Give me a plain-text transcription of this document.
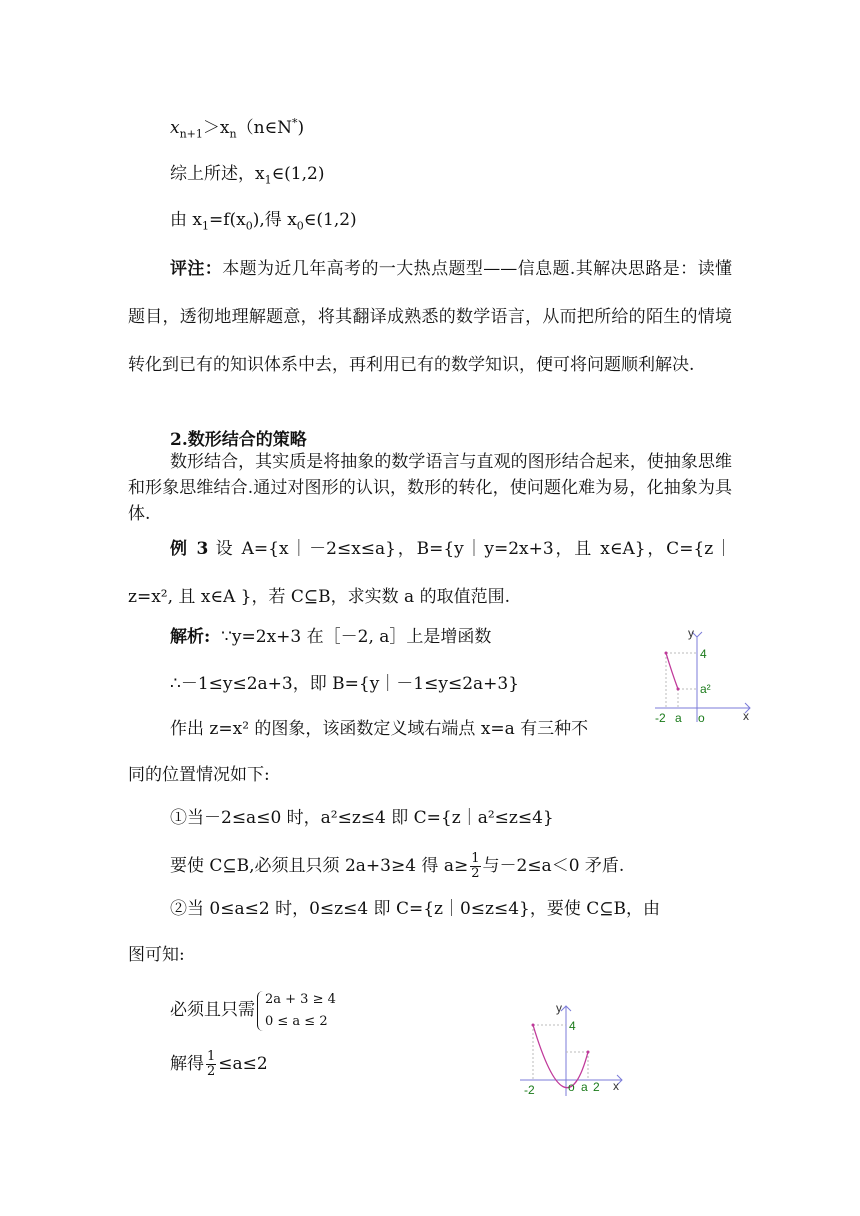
$x_{n+1}>x_n(n\in N^*)$
综上所述，$x_1\in(1,2)$
由 $x_1=f(x_0)$,得 $x_0\in(1,2)$
评注：本题为近几年高考的一大热点题型——信息题.其解决思路是：读懂题目，透彻地理解题意，将其翻译成熟悉的数学语言，从而把所给的陌生的情境转化到已有的知识体系中去，再利用已有的数学知识，便可将问题顺利解决.
2.数形结合的策略
数形结合，其实质是将抽象的数学语言与直观的图形结合起来，使抽象思维和形象思维结合.通过对图形的认识，数形的转化，使问题化难为易，化抽象为具体.
例 3 设 A={x｜－2≤x≤a}，B={y｜y=2x+3，且 x∈A}，C={z｜z=x², 且 x∈A }，若 C⊆B，求实数 a 的取值范围.
解析: ∵y=2x+3 在［－2, a］上是增函数
∴－1≤y≤2a+3，即 B={y｜－1≤y≤2a+3}
作出 z=x² 的图象，该函数定义域右端点 x=a 有三种不
同的位置情况如下:
①当－2≤a≤0 时，a²≤z≤4 即 C={z｜a²≤z≤4}
要使 C⊆B,必须且只须 2a+3≥4 得 $a\ge \frac{1}{2}$ 与－2≤a＜0 矛盾.
②当 0≤a≤2 时，0≤z≤4 即 C={z｜0≤z≤4}，要使 C⊆B，由
图可知:
必须且只需
2a + 3 ≥ 4
0 ≤ a ≤ 2
解得 $\frac{1}{2} \le a\le 2$
y
4
a²
-2 a o	x
y
4
-2	o a 2 x
